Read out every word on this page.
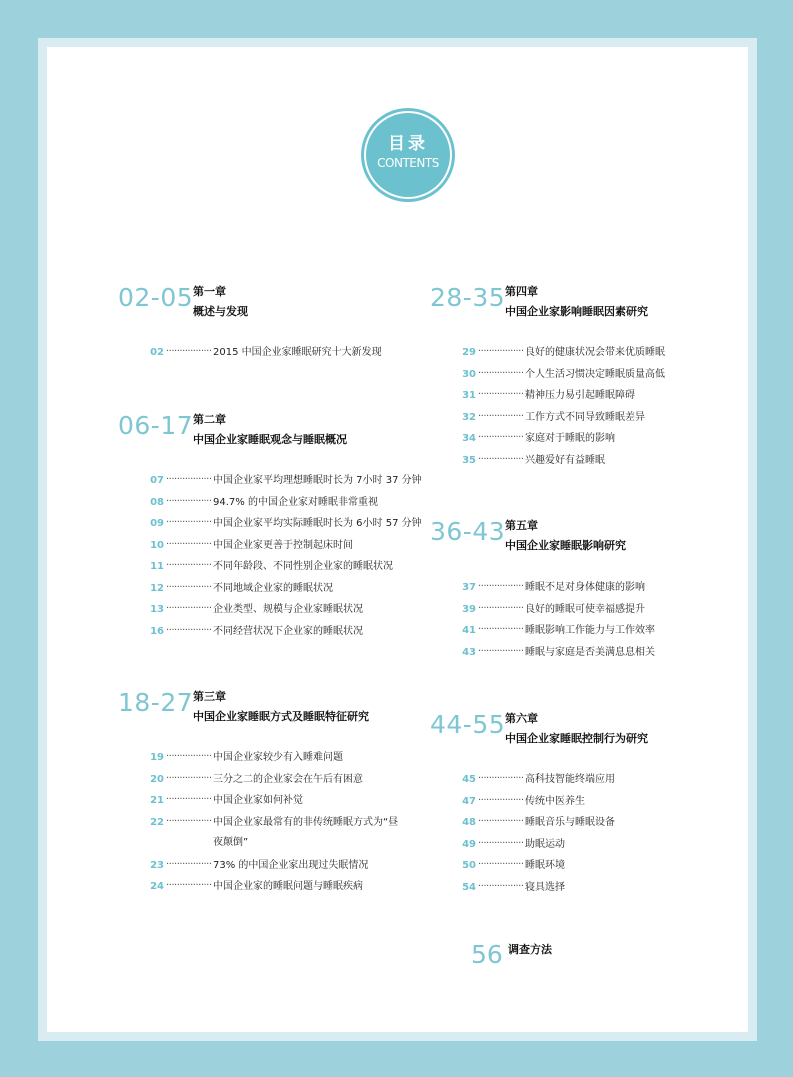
目录
CONTENTS
02-05 第一章
概述与发现
02 ················· 2015 中国企业家睡眠研究十大新发现
06-17 第二章
中国企业家睡眠观念与睡眠概况
07 ················· 中国企业家平均理想睡眠时长为 7小时 37 分钟
08 ················· 94.7% 的中国企业家对睡眠非常重视
09 ················· 中国企业家平均实际睡眠时长为 6小时 57 分钟
10 ················· 中国企业家更善于控制起床时间
11 ················· 不同年龄段、不同性别企业家的睡眠状况
12 ················· 不同地域企业家的睡眠状况
13 ················· 企业类型、规模与企业家睡眠状况
16 ················· 不同经营状况下企业家的睡眠状况
18-27 第三章
中国企业家睡眠方式及睡眠特征研究
19 ················· 中国企业家较少有入睡难问题
20 ················· 三分之二的企业家会在午后有困意
21 ················· 中国企业家如何补觉
22 ················· 中国企业家最常有的非传统睡眠方式为“昼
夜颠倒”
23 ················· 73% 的中国企业家出现过失眠情况
24 ················· 中国企业家的睡眠问题与睡眠疾病
28-35 第四章
中国企业家影响睡眠因素研究
29 ················· 良好的健康状况会带来优质睡眠
30 ················· 个人生活习惯决定睡眠质量高低
31 ················· 精神压力易引起睡眠障碍
32 ················· 工作方式不同导致睡眠差异
34 ················· 家庭对于睡眠的影响
35 ················· 兴趣爱好有益睡眠
36-43 第五章
中国企业家睡眠影响研究
37 ················· 睡眠不足对身体健康的影响
39 ················· 良好的睡眠可使幸福感提升
41 ················· 睡眠影响工作能力与工作效率
43 ················· 睡眠与家庭是否美满息息相关
44-55 第六章
中国企业家睡眠控制行为研究
45 ················· 高科技智能终端应用
47 ················· 传统中医养生
48 ················· 睡眠音乐与睡眠设备
49 ················· 助眠运动
50 ················· 睡眠环境
54 ················· 寝具选择
56 调查方法
